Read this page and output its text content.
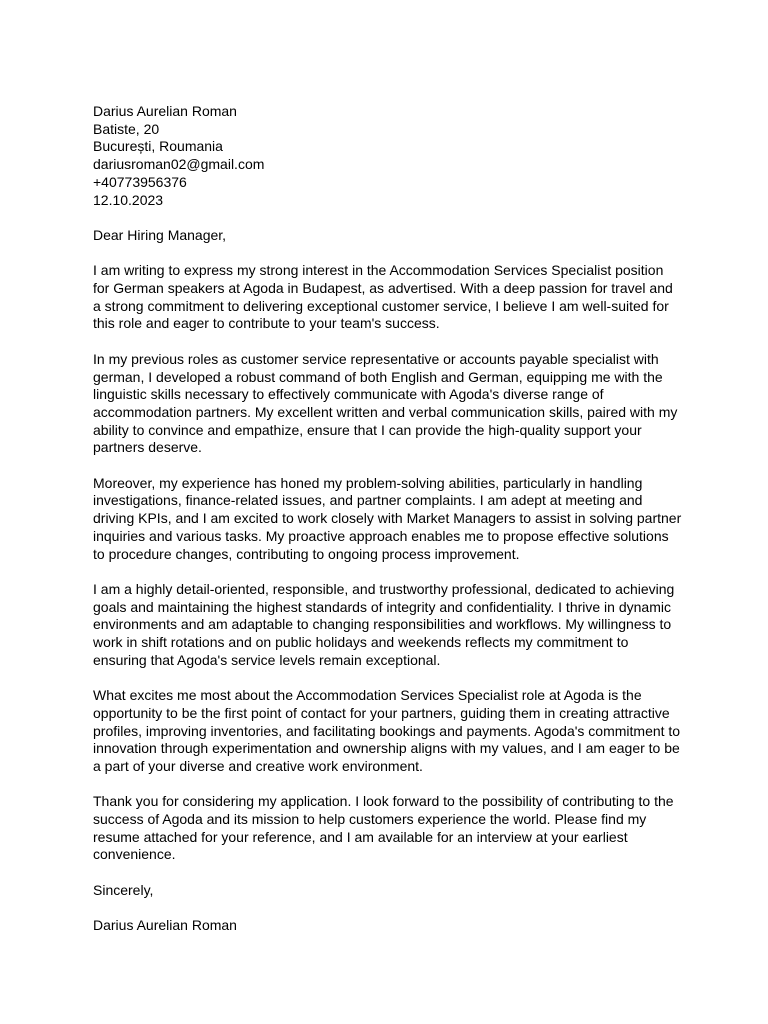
Darius Aurelian Roman

Batiste, 20

București, Roumania

dariusroman02@gmail.com

+40773956376

12.10.2023

Dear Hiring Manager,

I am writing to express my strong interest in the Accommodation Services Specialist position for German speakers at Agoda in Budapest, as advertised. With a deep passion for travel and a strong commitment to delivering exceptional customer service, I believe I am well-suited for this role and eager to contribute to your team's success.

In my previous roles as customer service representative or accounts payable specialist with german, I developed a robust command of both English and German, equipping me with the linguistic skills necessary to effectively communicate with Agoda's diverse range of accommodation partners. My excellent written and verbal communication skills, paired with my ability to convince and empathize, ensure that I can provide the high-quality support your partners deserve.

Moreover, my experience has honed my problem-solving abilities, particularly in handling investigations, finance-related issues, and partner complaints. I am adept at meeting and driving KPIs, and I am excited to work closely with Market Managers to assist in solving partner inquiries and various tasks. My proactive approach enables me to propose effective solutions to procedure changes, contributing to ongoing process improvement.

I am a highly detail-oriented, responsible, and trustworthy professional, dedicated to achieving goals and maintaining the highest standards of integrity and confidentiality. I thrive in dynamic environments and am adaptable to changing responsibilities and workflows. My willingness to work in shift rotations and on public holidays and weekends reflects my commitment to ensuring that Agoda's service levels remain exceptional.

What excites me most about the Accommodation Services Specialist role at Agoda is the opportunity to be the first point of contact for your partners, guiding them in creating attractive profiles, improving inventories, and facilitating bookings and payments. Agoda's commitment to innovation through experimentation and ownership aligns with my values, and I am eager to be a part of your diverse and creative work environment.

Thank you for considering my application. I look forward to the possibility of contributing to the success of Agoda and its mission to help customers experience the world. Please find my resume attached for your reference, and I am available for an interview at your earliest convenience.

Sincerely,

Darius Aurelian Roman
